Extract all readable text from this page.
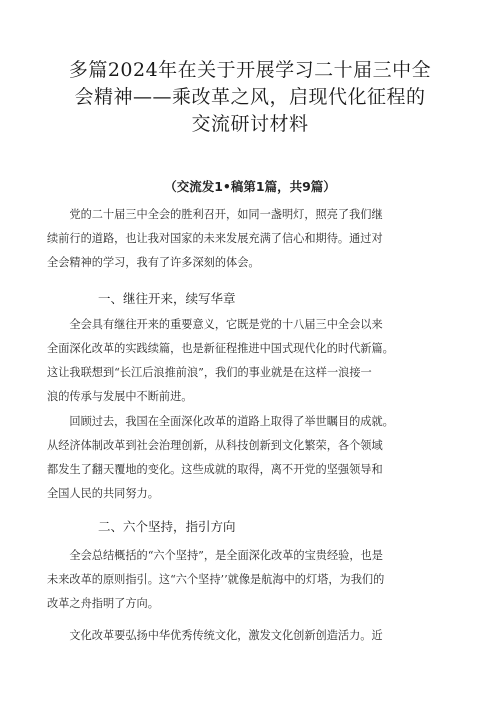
多篇2024年在关于开展学习二十届三中全
会精神——乘改革之风，启现代化征程的
交流研讨材料
（交流发1•稿第1篇，共9篇）
　　党的二十届三中全会的胜利召开，如同一盏明灯，照亮了我们继
续前行的道路，也让我对国家的未来发展充满了信心和期待。通过对
全会精神的学习，我有了许多深刻的体会。
一、继往开来，续写华章
　　全会具有继往开来的重要意义，它既是党的十八届三中全会以来
全面深化改革的实践续篇，也是新征程推进中国式现代化的时代新篇。
这让我联想到“长江后浪推前浪”，我们的事业就是在这样一浪接一
浪的传承与发展中不断前进。
　　回顾过去，我国在全面深化改革的道路上取得了举世瞩目的成就。
从经济体制改革到社会治理创新，从科技创新到文化繁荣，各个领域
都发生了翻天覆地的变化。这些成就的取得，离不开党的坚强领导和
全国人民的共同努力。
二、六个坚持，指引方向
　　全会总结概括的“六个坚持”，是全面深化改革的宝贵经验，也是
未来改革的原则指引。这“六个坚持’’就像是航海中的灯塔，为我们的
改革之舟指明了方向。
　　文化改革要弘扬中华优秀传统文化，激发文化创新创造活力。近
